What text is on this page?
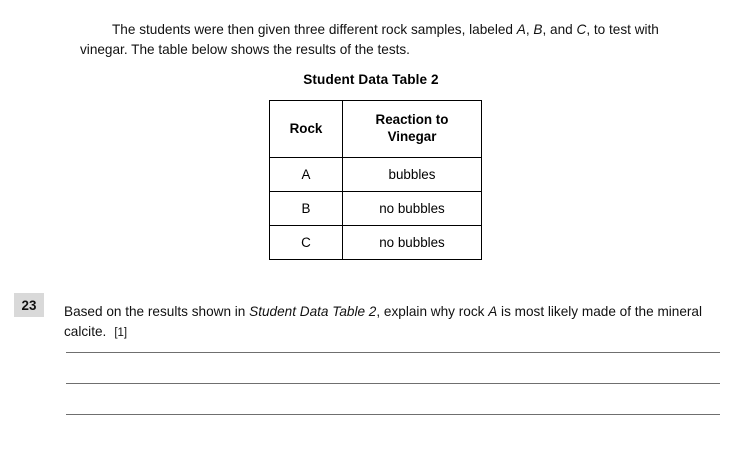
The students were then given three different rock samples, labeled A, B, and C, to test with vinegar. The table below shows the results of the tests.

Student Data Table 2
Rock	Reaction to Vinegar
A	bubbles
B	no bubbles
C	no bubbles
23	Based on the results shown in Student Data Table 2, explain why rock A is most likely made of the mineral calcite. [1]
